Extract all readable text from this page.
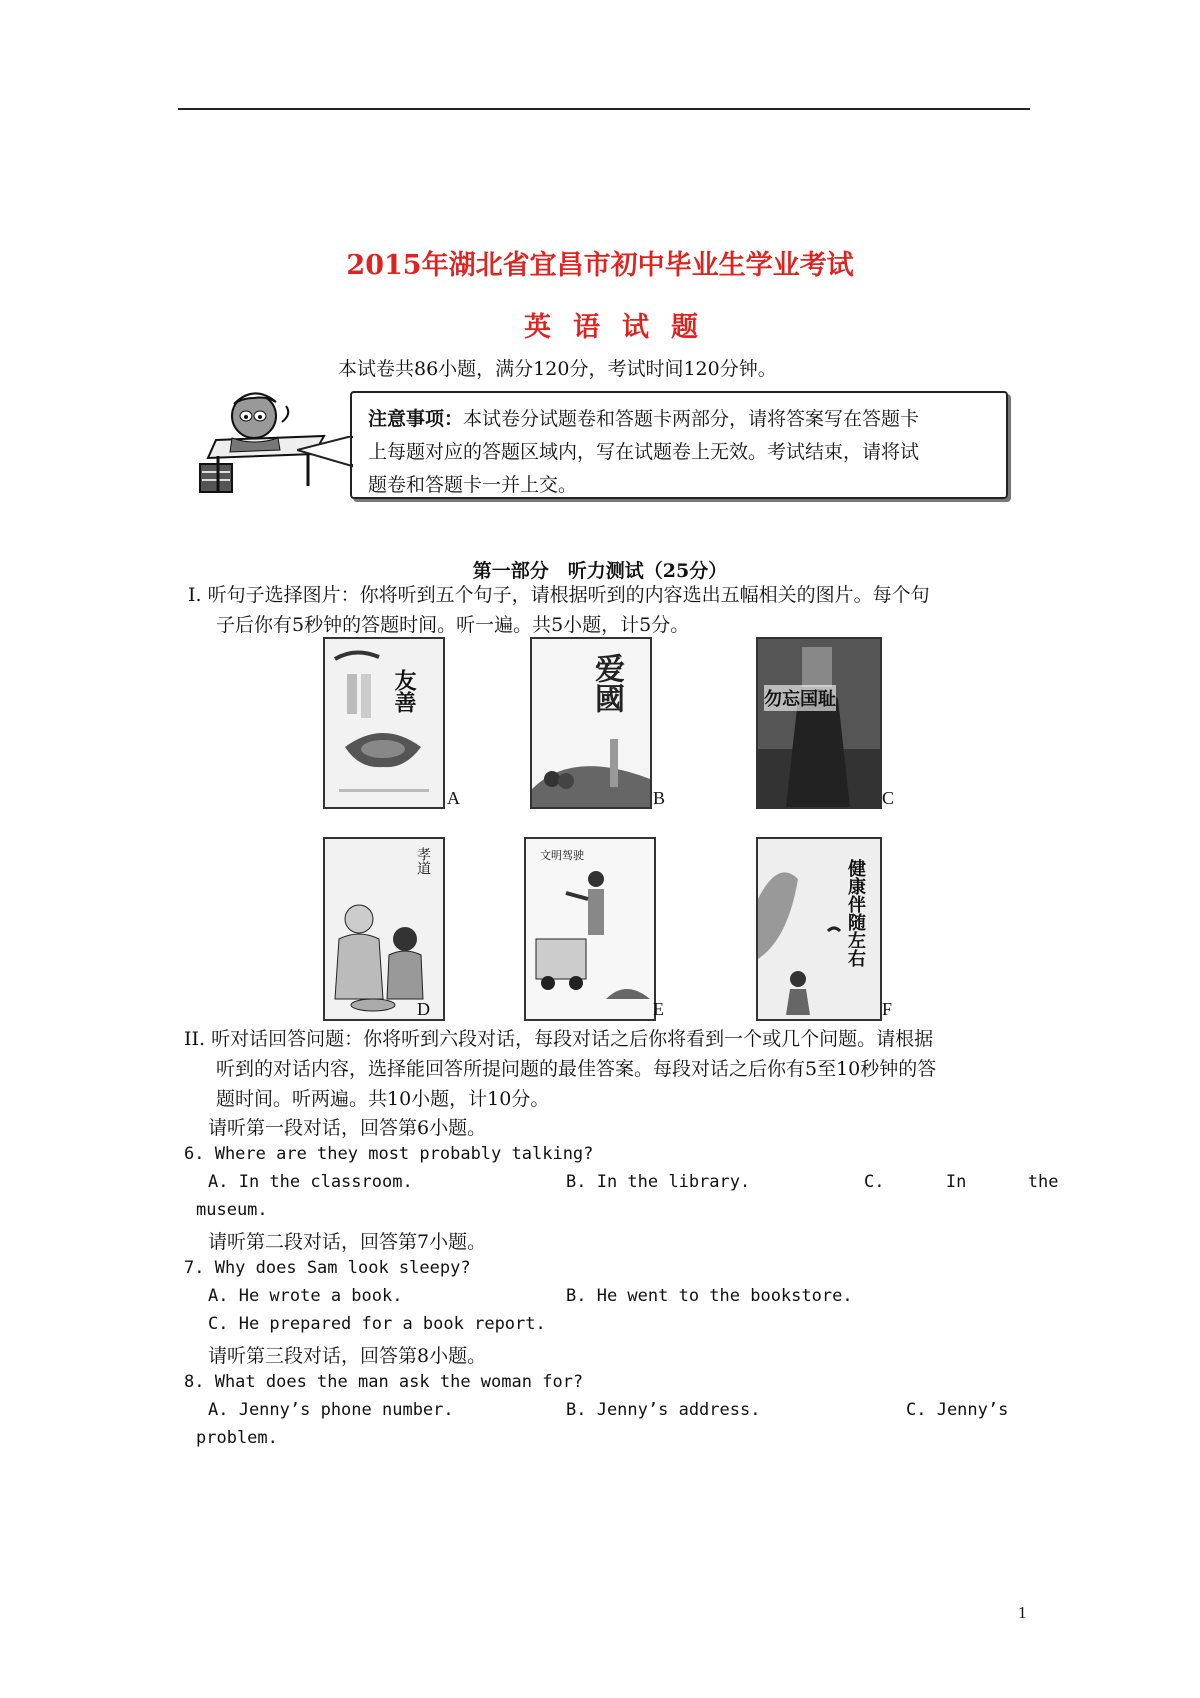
2015年湖北省宜昌市初中毕业生学业考试
英语试题
本试卷共86小题，满分120分，考试时间120分钟。
注意事项：本试卷分试题卷和答题卡两部分，请将答案写在答题卡
上每题对应的答题区域内，写在试题卷上无效。考试结束，请将试
题卷和答题卡一并上交。
第一部分　听力测试（25分）
Ⅰ. 听句子选择图片：你将听到五个句子，请根据听到的内容选出五幅相关的图片。每个句
子后你有5秒钟的答题时间。听一遍。共5小题，计5分。
友善
A
爱國
B
勿忘国耻
C
孝道
D
文明驾驶
E
健康伴随左右
F
II. 听对话回答问题：你将听到六段对话，每段对话之后你将看到一个或几个问题。请根据
听到的对话内容，选择能回答所提问题的最佳答案。每段对话之后你有5至10秒钟的答
题时间。听两遍。共10小题，计10分。
请听第一段对话，回答第6小题。
6. Where are they most probably talking?
A. In the classroom.	B. In the library.	C.      In      the
museum.
请听第二段对话，回答第7小题。
7. Why does Sam look sleepy?
A. He wrote a book.	B. He went to the bookstore.
C. He prepared for a book report.
请听第三段对话，回答第8小题。
8. What does the man ask the woman for?
A. Jenny’s phone number.	B. Jenny’s address.	C. Jenny’s
problem.
1
